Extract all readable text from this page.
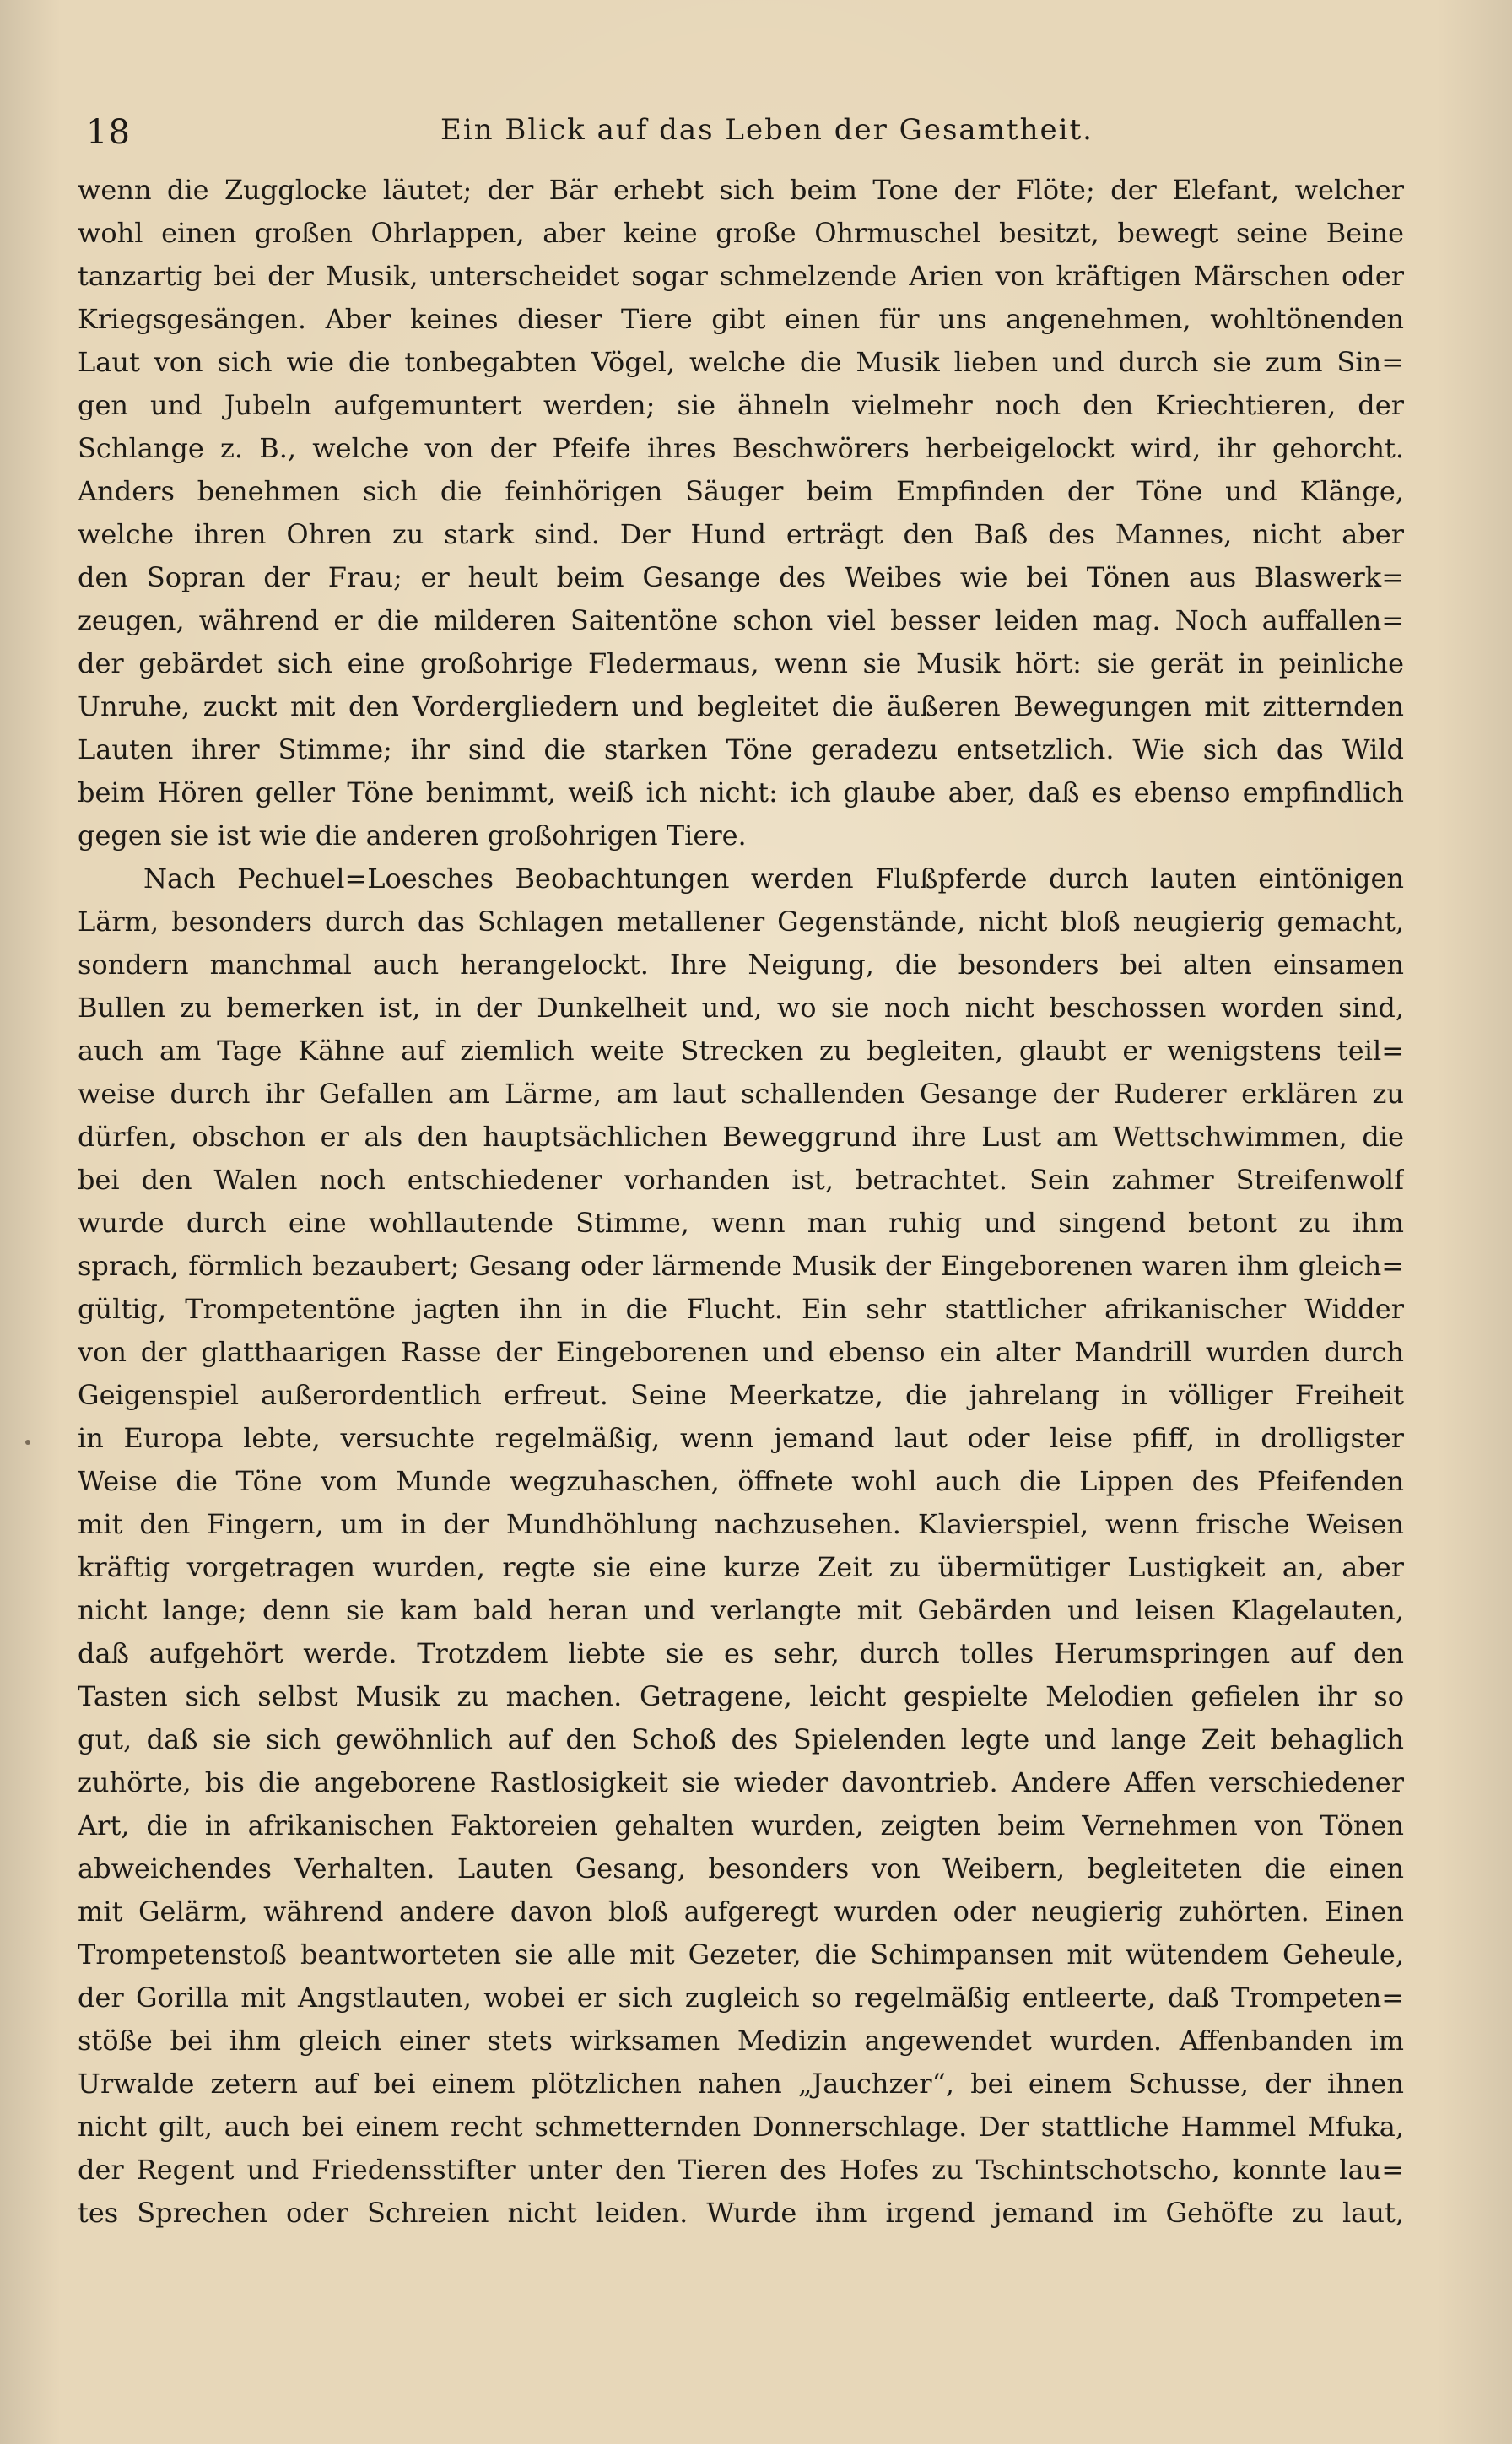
18	Ein Blick auf das Leben der Gesamtheit.
wenn die Zugglocke läutet; der Bär erhebt sich beim Tone der Flöte; der Elefant, welcher
wohl einen großen Ohrlappen, aber keine große Ohrmuschel besitzt, bewegt seine Beine
tanzartig bei der Musik, unterscheidet sogar schmelzende Arien von kräftigen Märschen oder
Kriegsgesängen. Aber keines dieser Tiere gibt einen für uns angenehmen, wohltönenden
Laut von sich wie die tonbegabten Vögel, welche die Musik lieben und durch sie zum Sin=
gen und Jubeln aufgemuntert werden; sie ähneln vielmehr noch den Kriechtieren, der
Schlange z. B., welche von der Pfeife ihres Beschwörers herbeigelockt wird, ihr gehorcht.
Anders benehmen sich die feinhörigen Säuger beim Empfinden der Töne und Klänge,
welche ihren Ohren zu stark sind. Der Hund erträgt den Baß des Mannes, nicht aber
den Sopran der Frau; er heult beim Gesange des Weibes wie bei Tönen aus Blaswerk=
zeugen, während er die milderen Saitentöne schon viel besser leiden mag. Noch auffallen=
der gebärdet sich eine großohrige Fledermaus, wenn sie Musik hört: sie gerät in peinliche
Unruhe, zuckt mit den Vordergliedern und begleitet die äußeren Bewegungen mit zitternden
Lauten ihrer Stimme; ihr sind die starken Töne geradezu entsetzlich. Wie sich das Wild
beim Hören geller Töne benimmt, weiß ich nicht: ich glaube aber, daß es ebenso empfindlich
gegen sie ist wie die anderen großohrigen Tiere.
Nach Pechuel=Loesches Beobachtungen werden Flußpferde durch lauten eintönigen
Lärm, besonders durch das Schlagen metallener Gegenstände, nicht bloß neugierig gemacht,
sondern manchmal auch herangelockt. Ihre Neigung, die besonders bei alten einsamen
Bullen zu bemerken ist, in der Dunkelheit und, wo sie noch nicht beschossen worden sind,
auch am Tage Kähne auf ziemlich weite Strecken zu begleiten, glaubt er wenigstens teil=
weise durch ihr Gefallen am Lärme, am laut schallenden Gesange der Ruderer erklären zu
dürfen, obschon er als den hauptsächlichen Beweggrund ihre Lust am Wettschwimmen, die
bei den Walen noch entschiedener vorhanden ist, betrachtet. Sein zahmer Streifenwolf
wurde durch eine wohllautende Stimme, wenn man ruhig und singend betont zu ihm
sprach, förmlich bezaubert; Gesang oder lärmende Musik der Eingeborenen waren ihm gleich=
gültig, Trompetentöne jagten ihn in die Flucht. Ein sehr stattlicher afrikanischer Widder
von der glatthaarigen Rasse der Eingeborenen und ebenso ein alter Mandrill wurden durch
Geigenspiel außerordentlich erfreut. Seine Meerkatze, die jahrelang in völliger Freiheit
in Europa lebte, versuchte regelmäßig, wenn jemand laut oder leise pfiff, in drolligster
Weise die Töne vom Munde wegzuhaschen, öffnete wohl auch die Lippen des Pfeifenden
mit den Fingern, um in der Mundhöhlung nachzusehen. Klavierspiel, wenn frische Weisen
kräftig vorgetragen wurden, regte sie eine kurze Zeit zu übermütiger Lustigkeit an, aber
nicht lange; denn sie kam bald heran und verlangte mit Gebärden und leisen Klagelauten,
daß aufgehört werde. Trotzdem liebte sie es sehr, durch tolles Herumspringen auf den
Tasten sich selbst Musik zu machen. Getragene, leicht gespielte Melodien gefielen ihr so
gut, daß sie sich gewöhnlich auf den Schoß des Spielenden legte und lange Zeit behaglich
zuhörte, bis die angeborene Rastlosigkeit sie wieder davontrieb. Andere Affen verschiedener
Art, die in afrikanischen Faktoreien gehalten wurden, zeigten beim Vernehmen von Tönen
abweichendes Verhalten. Lauten Gesang, besonders von Weibern, begleiteten die einen
mit Gelärm, während andere davon bloß aufgeregt wurden oder neugierig zuhörten. Einen
Trompetenstoß beantworteten sie alle mit Gezeter, die Schimpansen mit wütendem Geheule,
der Gorilla mit Angstlauten, wobei er sich zugleich so regelmäßig entleerte, daß Trompeten=
stöße bei ihm gleich einer stets wirksamen Medizin angewendet wurden. Affenbanden im
Urwalde zetern auf bei einem plötzlichen nahen „Jauchzer“, bei einem Schusse, der ihnen
nicht gilt, auch bei einem recht schmetternden Donnerschlage. Der stattliche Hammel Mfuka,
der Regent und Friedensstifter unter den Tieren des Hofes zu Tschintschotscho, konnte lau=
tes Sprechen oder Schreien nicht leiden. Wurde ihm irgend jemand im Gehöfte zu laut,
